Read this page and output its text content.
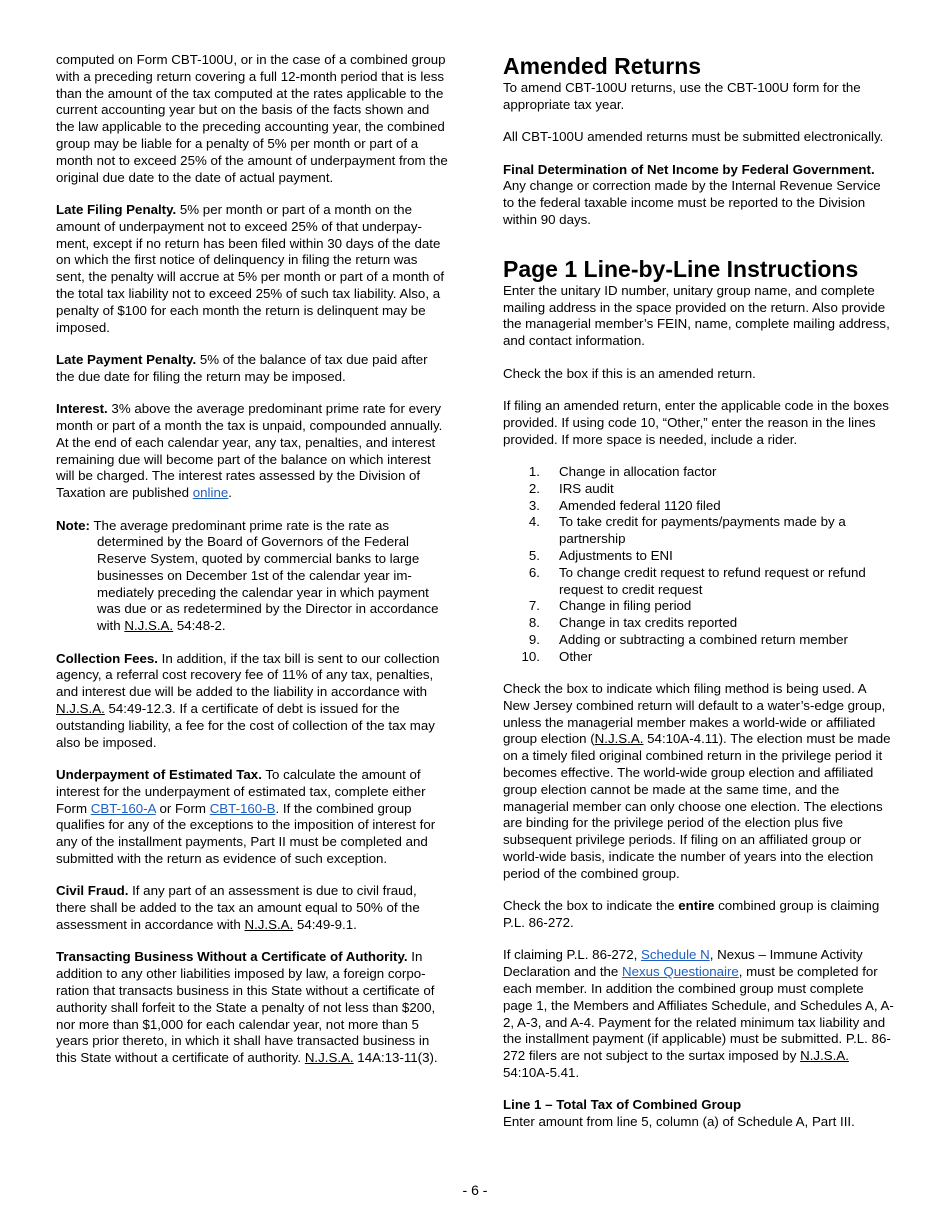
computed on Form CBT-100U, or in the case of a combined group with a preceding return covering a full 12-month period that is less than the amount of the tax computed at the rates applicable to the current accounting year but on the basis of the facts shown and the law applicable to the preceding accounting year, the combined group may be liable for a penalty of 5% per month or part of a month not to exceed 25% of the amount of underpayment from the original due date to the date of actual payment.

Late Filing Penalty. 5% per month or part of a month on the amount of underpayment not to exceed 25% of that underpayment, except if no return has been filed within 30 days of the date on which the first notice of delinquency in filing the return was sent, the penalty will accrue at 5% per month or part of a month of the total tax liability not to exceed 25% of such tax liability. Also, a penalty of $100 for each month the return is delinquent may be imposed.

Late Payment Penalty. 5% of the balance of tax due paid after the due date for filing the return may be imposed.

Interest. 3% above the average predominant prime rate for every month or part of a month the tax is unpaid, compounded annually. At the end of each calendar year, any tax, penalties, and interest remaining due will become part of the balance on which interest will be charged. The interest rates assessed by the Division of Taxation are published online.

Note: The average predominant prime rate is the rate as
determined by the Board of Governors of the Federal Reserve System, quoted by commercial banks to large businesses on December 1st of the calendar year immediately preceding the calendar year in which payment was due or as redetermined by the Director in accordance with N.J.S.A. 54:48-2.

Collection Fees. In addition, if the tax bill is sent to our collection agency, a referral cost recovery fee of 11% of any tax, penalties, and interest due will be added to the liability in accordance with N.J.S.A. 54:49-12.3. If a certificate of debt is issued for the outstanding liability, a fee for the cost of collection of the tax may also be imposed.

Underpayment of Estimated Tax. To calculate the amount of interest for the underpayment of estimated tax, complete either Form CBT-160-A or Form CBT-160-B. If the combined group qualifies for any of the exceptions to the imposition of interest for any of the installment payments, Part II must be completed and submitted with the return as evidence of such exception.

Civil Fraud. If any part of an assessment is due to civil fraud, there shall be added to the tax an amount equal to 50% of the assessment in accordance with N.J.S.A. 54:49-9.1.

Transacting Business Without a Certificate of Authority. In addition to any other liabilities imposed by law, a foreign corporation that transacts business in this State without a certificate of authority shall forfeit to the State a penalty of not less than $200, nor more than $1,000 for each calendar year, not more than 5 years prior thereto, in which it shall have transacted business in this State without a certificate of authority. N.J.S.A. 14A:13-11(3).

Amended Returns

To amend CBT-100U returns, use the CBT-100U form for the appropriate tax year.

All CBT-100U amended returns must be submitted electronically.

Final Determination of Net Income by Federal Government. Any change or correction made by the Internal Revenue Service to the federal taxable income must be reported to the Division within 90 days.

Page 1 Line-by-Line Instructions

Enter the unitary ID number, unitary group name, and complete mailing address in the space provided on the return. Also provide the managerial member’s FEIN, name, complete mailing address, and contact information.

Check the box if this is an amended return.

If filing an amended return, enter the applicable code in the boxes provided. If using code 10, “Other,” enter the reason in the lines provided. If more space is needed, include a rider.

1.	Change in allocation factor
2.	IRS audit
3.	Amended federal 1120 filed
4.	To take credit for payments/payments made by a partnership
5.	Adjustments to ENI
6.	To change credit request to refund request or refund request to credit request
7.	Change in filing period
8.	Change in tax credits reported
9.	Adding or subtracting a combined return member
10.	Other

Check the box to indicate which filing method is being used. A New Jersey combined return will default to a water’s-edge group, unless the managerial member makes a world-wide or affiliated group election (N.J.S.A. 54:10A-4.11). The election must be made on a timely filed original combined return in the privilege period it becomes effective. The world-wide group election and affiliated group election cannot be made at the same time, and the managerial member can only choose one election. The elections are binding for the privilege period of the election plus five subsequent privilege periods. If filing on an affiliated group or world-wide basis, indicate the number of years into the election period of the combined group.

Check the box to indicate the entire combined group is claiming P.L. 86-272.

If claiming P.L. 86-272, Schedule N, Nexus – Immune Activity Declaration and the Nexus Questionaire, must be completed for each member. In addition the combined group must complete page 1, the Members and Affiliates Schedule, and Schedules A, A-2, A-3, and A-4. Payment for the related minimum tax liability and the installment payment (if applicable) must be submitted. P.L. 86-272 filers are not subject to the surtax imposed by N.J.S.A. 54:10A-5.41.

Line 1 – Total Tax of Combined Group
Enter amount from line 5, column (a) of Schedule A, Part III.

- 6 -
